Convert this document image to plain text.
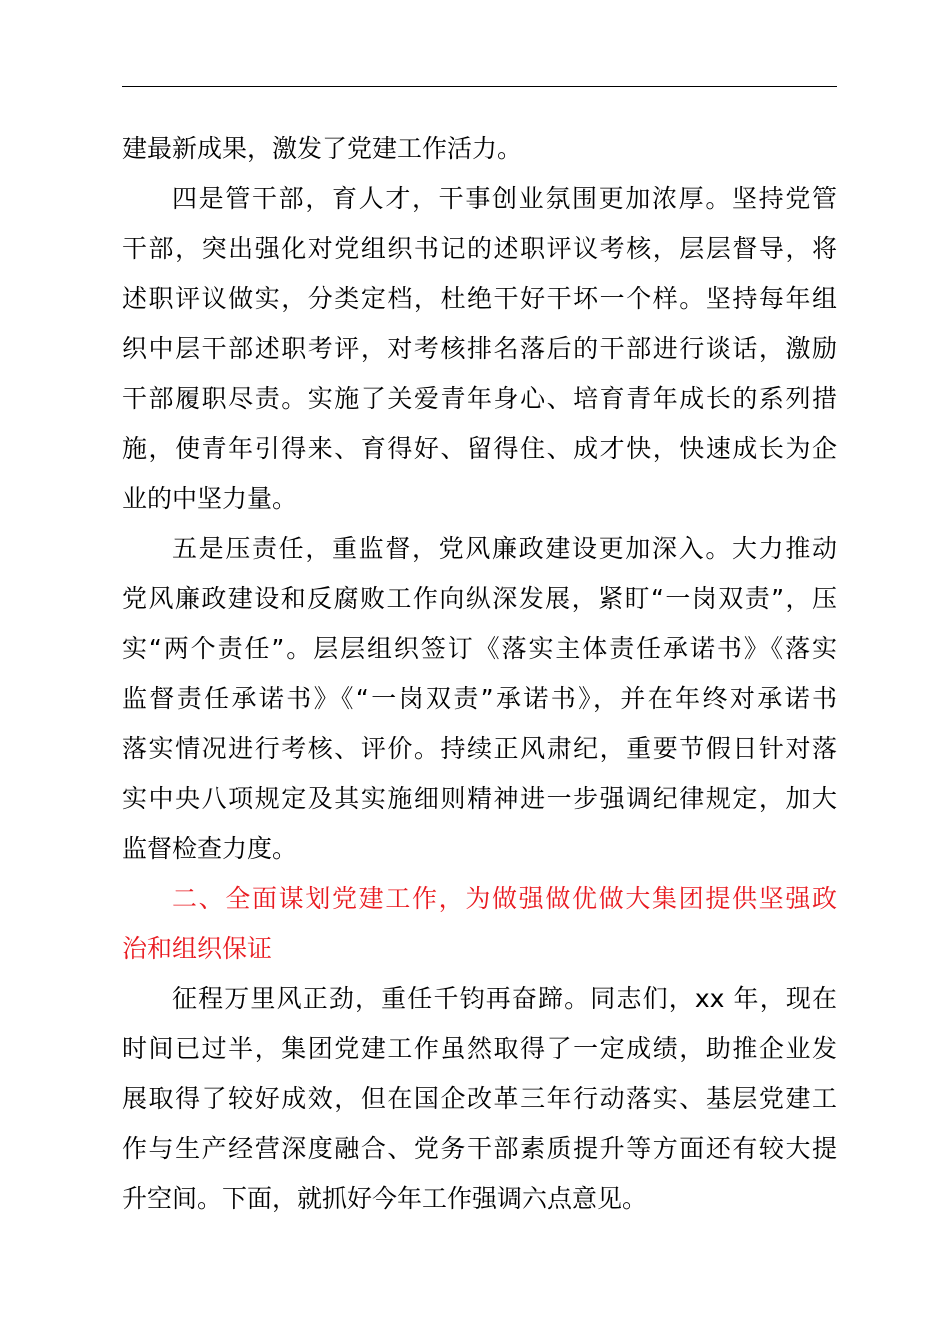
建最新成果，激发了党建工作活力。
四是管干部，育人才，干事创业氛围更加浓厚。坚持党管
干部，突出强化对党组织书记的述职评议考核，层层督导，将
述职评议做实，分类定档，杜绝干好干坏一个样。坚持每年组
织中层干部述职考评，对考核排名落后的干部进行谈话，激励
干部履职尽责。实施了关爱青年身心、培育青年成长的系列措
施，使青年引得来、育得好、留得住、成才快，快速成长为企
业的中坚力量。
五是压责任，重监督，党风廉政建设更加深入。大力推动
党风廉政建设和反腐败工作向纵深发展，紧盯“一岗双责”，压
实“两个责任”。层层组织签订《落实主体责任承诺书》《落实
监督责任承诺书》《“一岗双责”承诺书》，并在年终对承诺书
落实情况进行考核、评价。持续正风肃纪，重要节假日针对落
实中央八项规定及其实施细则精神进一步强调纪律规定，加大
监督检查力度。
二、全面谋划党建工作，为做强做优做大集团提供坚强政
治和组织保证
征程万里风正劲，重任千钧再奋蹄。同志们，xx 年，现在
时间已过半，集团党建工作虽然取得了一定成绩，助推企业发
展取得了较好成效，但在国企改革三年行动落实、基层党建工
作与生产经营深度融合、党务干部素质提升等方面还有较大提
升空间。下面，就抓好今年工作强调六点意见。
